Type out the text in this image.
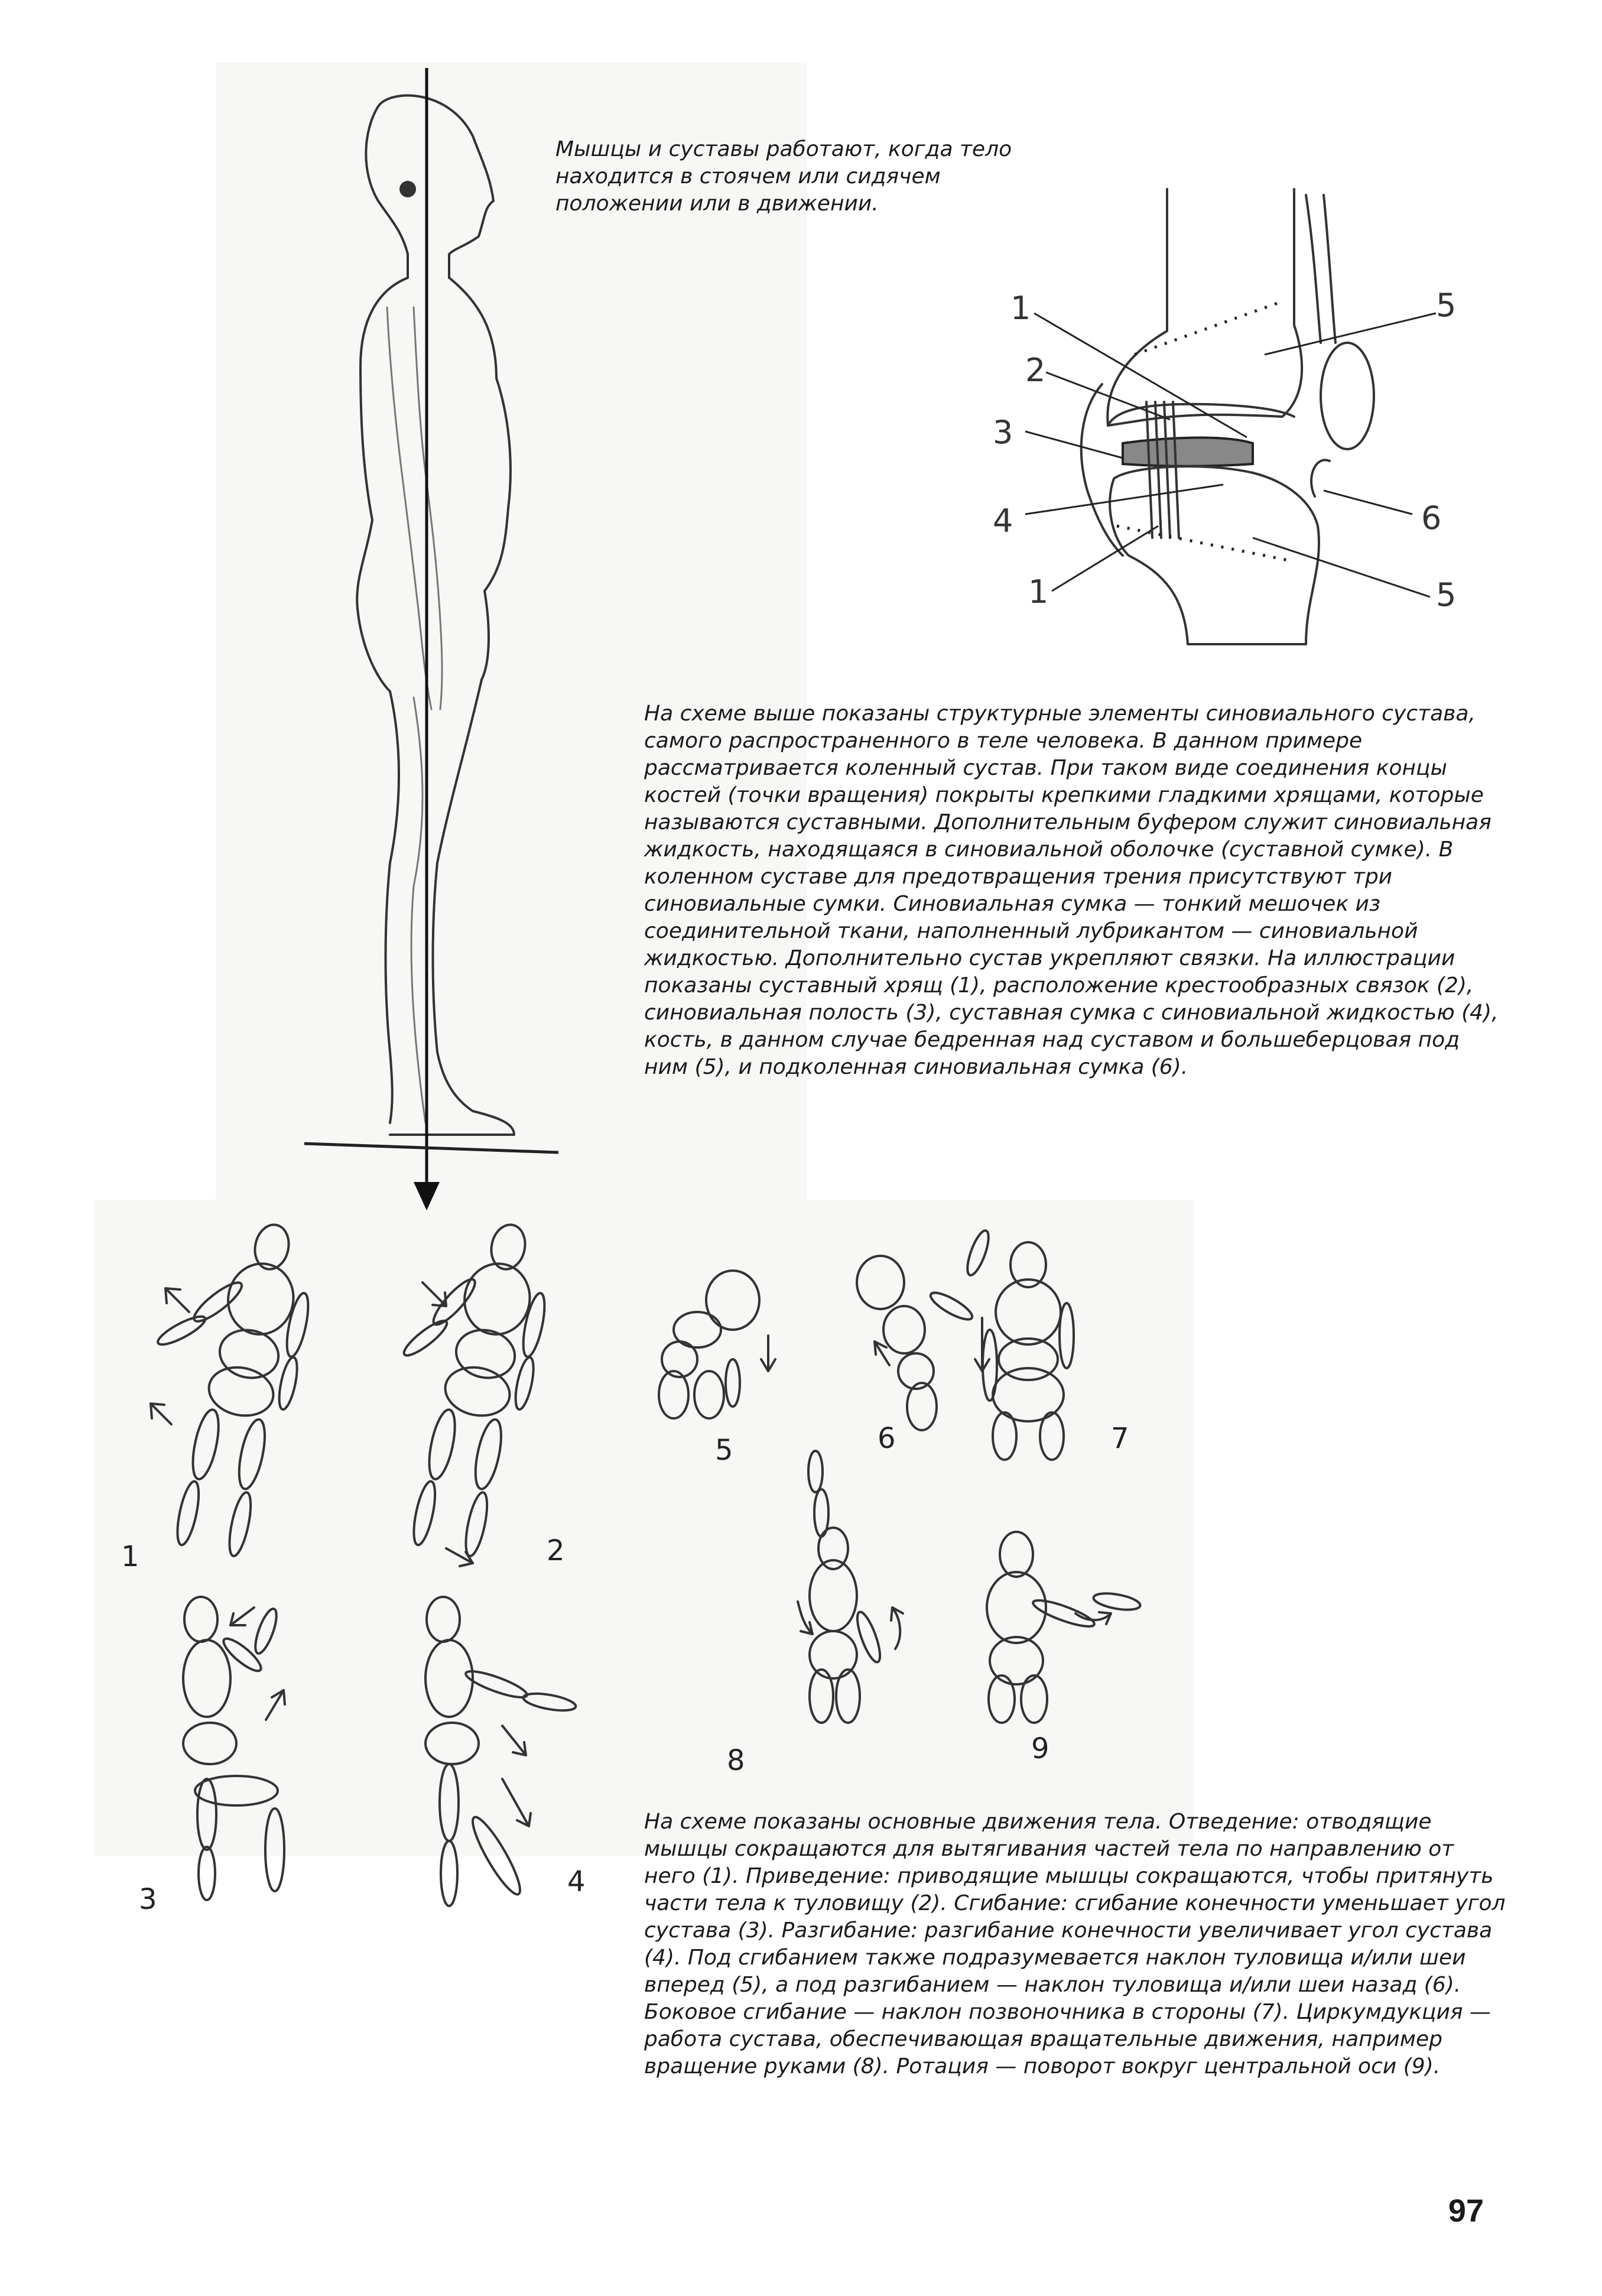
Мышцы и суставы работают, когда тело находится в стоячем или сидячем положении или в движении.
1
2
3
4
1
5
6
5
На схеме выше показаны структурные элементы синовиального сустава, самого распространенного в теле человека. В данном примере рассматривается коленный сустав. При таком виде соединения концы костей (точки вращения) покрыты крепкими гладкими хрящами, которые называются суставными. Дополнительным буфером служит синовиальная жидкость, находящаяся в синовиальной оболочке (суставной сумке). В коленном суставе для предотвращения трения присутствуют три синовиальные сумки. Синовиальная сумка — тонкий мешочек из соединительной ткани, наполненный лубрикантом — синовиальной жидкостью. Дополнительно сустав укрепляют связки. На иллюстрации показаны суставный хрящ (1), расположение крестообразных связок (2), синовиальная полость (3), суставная сумка с синовиальной жидкостью (4), кость, в данном случае бедренная над суставом и большеберцовая под ним (5), и подколенная синовиальная сумка (6).
1	2
3
4
5	6	7
8	9
На схеме показаны основные движения тела. Отведение: отводящие мышцы сокращаются для вытягивания частей тела по направлению от него (1). Приведение: приводящие мышцы сокращаются, чтобы притянуть части тела к туловищу (2). Сгибание: сгибание конечности уменьшает угол сустава (3). Разгибание: разгибание конечности увеличивает угол сустава (4). Под сгибанием также подразумевается наклон туловища и/или шеи вперед (5), а под разгибанием — наклон туловища и/или шеи назад (6). Боковое сгибание — наклон позвоночника в стороны (7). Циркумдукция — работа сустава, обеспечивающая вращательные движения, например вращение руками (8). Ротация — поворот вокруг центральной оси (9).
97
